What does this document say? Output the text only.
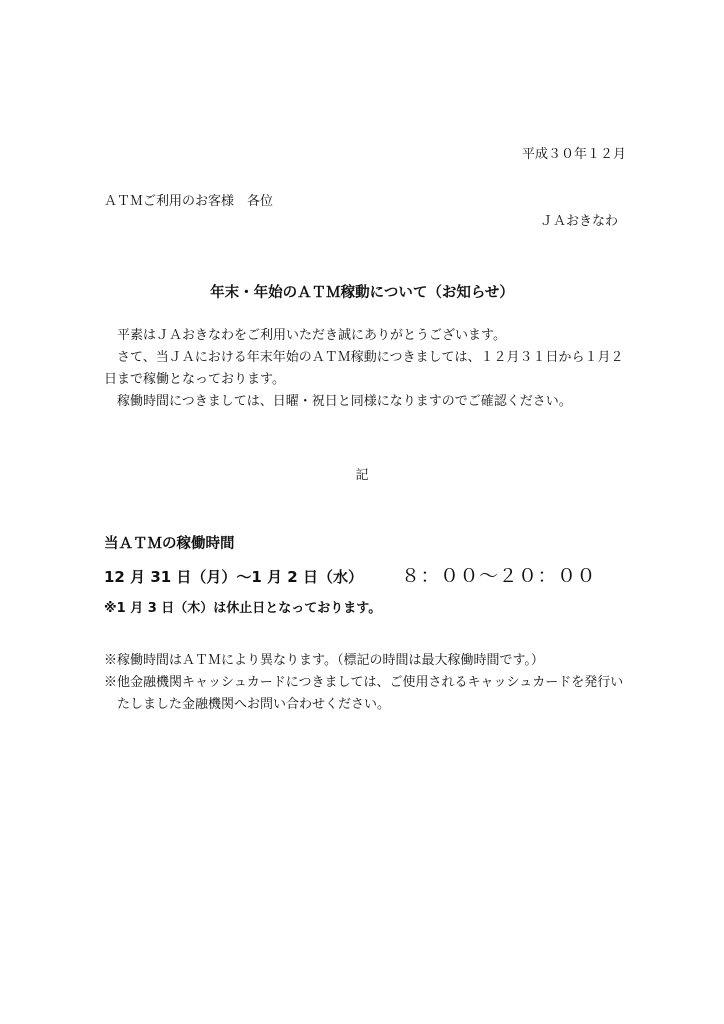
平成３０年１２月
ＡＴＭご利用のお客様　各位
ＪＡおきなわ
年末・年始のＡＴＭ稼動について（お知らせ）

平素はＪＡおきなわをご利用いただき誠にありがとうございます。

さて、当ＪＡにおける年末年始のＡＴＭ稼動につきましては、１２月３１日から１月２日まで稼働となっております。

稼働時間につきましては、日曜・祝日と同様になりますのでご確認ください。

記
当ＡＴＭの稼働時間
12 月 31 日（月）～1 月 2 日（水） ８：００～２０：００
※1 月 3 日（木）は休止日となっております。

※稼働時間はＡＴＭにより異なります。（標記の時間は最大稼働時間です。）

※他金融機関キャッシュカードにつきましては、ご使用されるキャッシュカードを発行いたしました金融機関へお問い合わせください。
